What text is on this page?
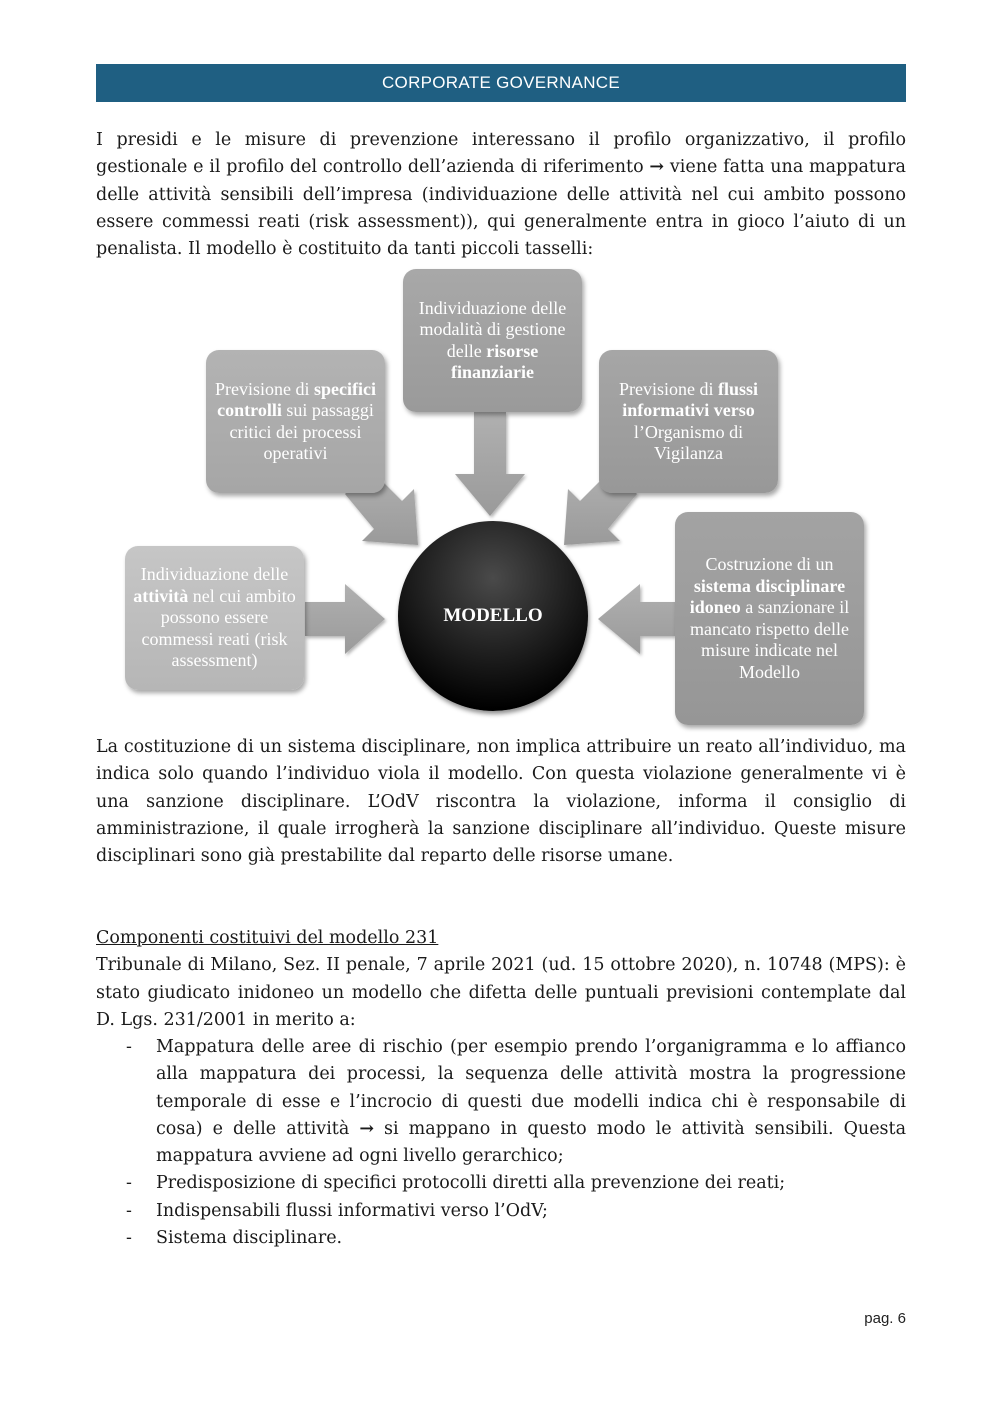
CORPORATE GOVERNANCE

I presidi e le misure di prevenzione interessano il profilo organizzativo, il profilo gestionale e il profilo del controllo dell’azienda di riferimento → viene fatta una mappatura delle attività sensibili dell’impresa (individuazione delle attività nel cui ambito possono essere commessi reati (risk assessment)), qui generalmente entra in gioco l’aiuto di un penalista. Il modello è costituito da tanti piccoli tasselli:

Individuazione delle attività nel cui ambito possono essere commessi reati (risk assessment)
Previsione di specifici controlli sui passaggi critici dei processi operativi
Individuazione delle modalità di gestione delle risorse finanziarie
Previsione di flussi informativi verso l’Organismo di Vigilanza
Costruzione di un sistema disciplinare idoneo a sanzionare il mancato rispetto delle misure indicate nel Modello
MODELLO

La costituzione di un sistema disciplinare, non implica attribuire un reato all’individuo, ma indica solo quando l’individuo viola il modello. Con questa violazione generalmente vi è una sanzione disciplinare. L’OdV riscontra la violazione, informa il consiglio di amministrazione, il quale irrogherà la sanzione disciplinare all’individuo. Queste misure disciplinari sono già prestabilite dal reparto delle risorse umane.

Componenti costituivi del modello 231
Tribunale di Milano, Sez. II penale, 7 aprile 2021 (ud. 15 ottobre 2020), n. 10748 (MPS): è stato giudicato inidoneo un modello che difetta delle puntuali previsioni contemplate dal D. Lgs. 231/2001 in merito a:
- Mappatura delle aree di rischio (per esempio prendo l’organigramma e lo affianco alla mappatura dei processi, la sequenza delle attività mostra la progressione temporale di esse e l’incrocio di questi due modelli indica chi è responsabile di cosa) e delle attività → si mappano in questo modo le attività sensibili. Questa mappatura avviene ad ogni livello gerarchico;
- Predisposizione di specifici protocolli diretti alla prevenzione dei reati;
- Indispensabili flussi informativi verso l’OdV;
- Sistema disciplinare.
pag. 6
